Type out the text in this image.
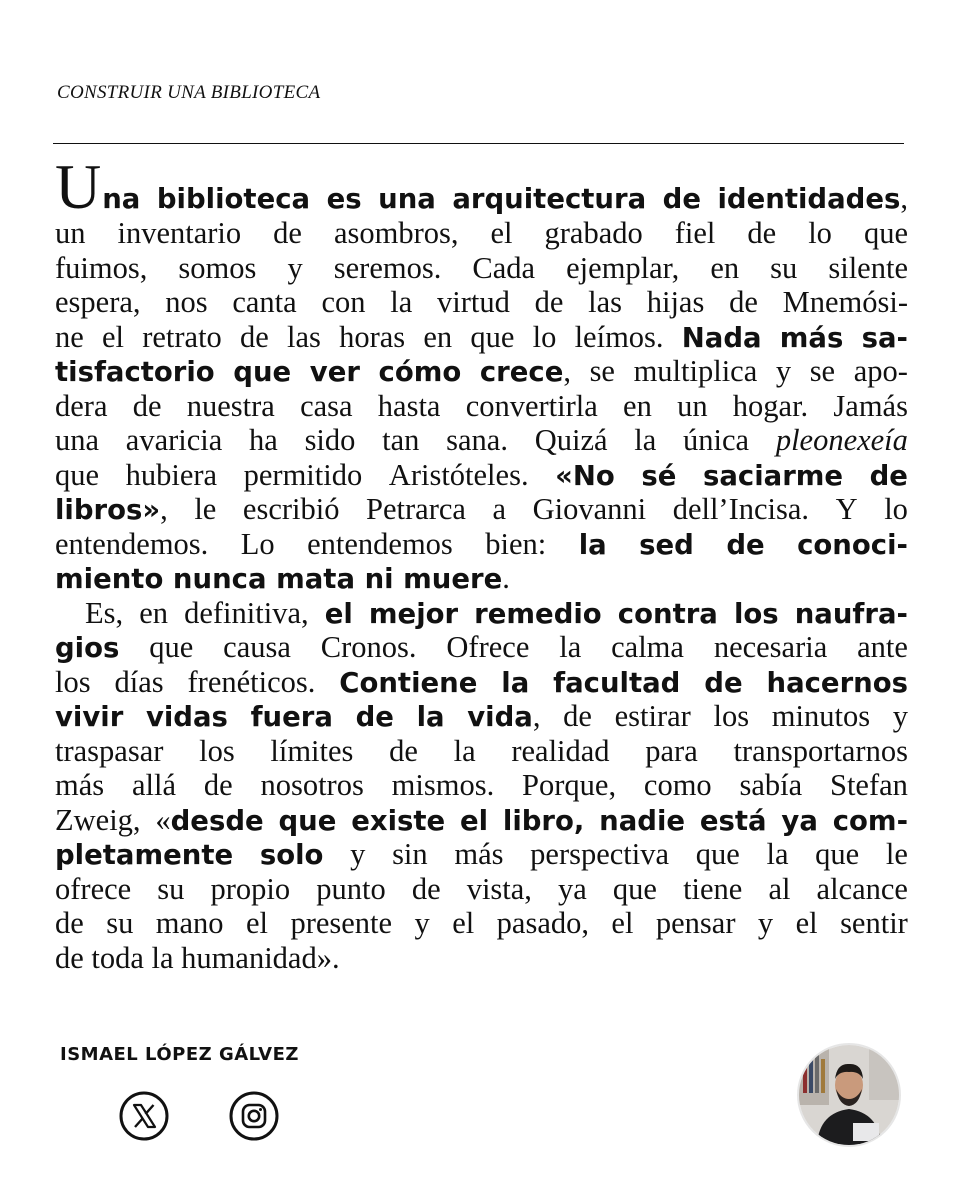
CONSTRUIR UNA BIBLIOTECA
Una biblioteca es una arquitectura de identidades,
un inventario de asombros, el grabado fiel de lo que
fuimos, somos y seremos. Cada ejemplar, en su silente
espera, nos canta con la virtud de las hijas de Mnemósi-
ne el retrato de las horas en que lo leímos. Nada más sa-
tisfactorio que ver cómo crece, se multiplica y se apo-
dera de nuestra casa hasta convertirla en un hogar. Jamás
una avaricia ha sido tan sana. Quizá la única pleonexeía
que hubiera permitido Aristóteles. «No sé saciarme de
libros», le escribió Petrarca a Giovanni dell’Incisa. Y lo
entendemos. Lo entendemos bien: la sed de conoci-
miento nunca mata ni muere .
Es, en definitiva, el mejor remedio contra los naufra-
gios que causa Cronos. Ofrece la calma necesaria ante
los días frenéticos. Contiene la facultad de hacernos
vivir vidas fuera de la vida, de estirar los minutos y
traspasar los límites de la realidad para transportarnos
más allá de nosotros mismos. Porque, como sabía Stefan
Zweig, «desde que existe el libro, nadie está ya com-
pletamente solo y sin más perspectiva que la que le
ofrece su propio punto de vista, ya que tiene al alcance
de su mano el presente y el pasado, el pensar y el sentir
de toda la humanidad».
ISMAEL LÓPEZ GÁLVEZ
